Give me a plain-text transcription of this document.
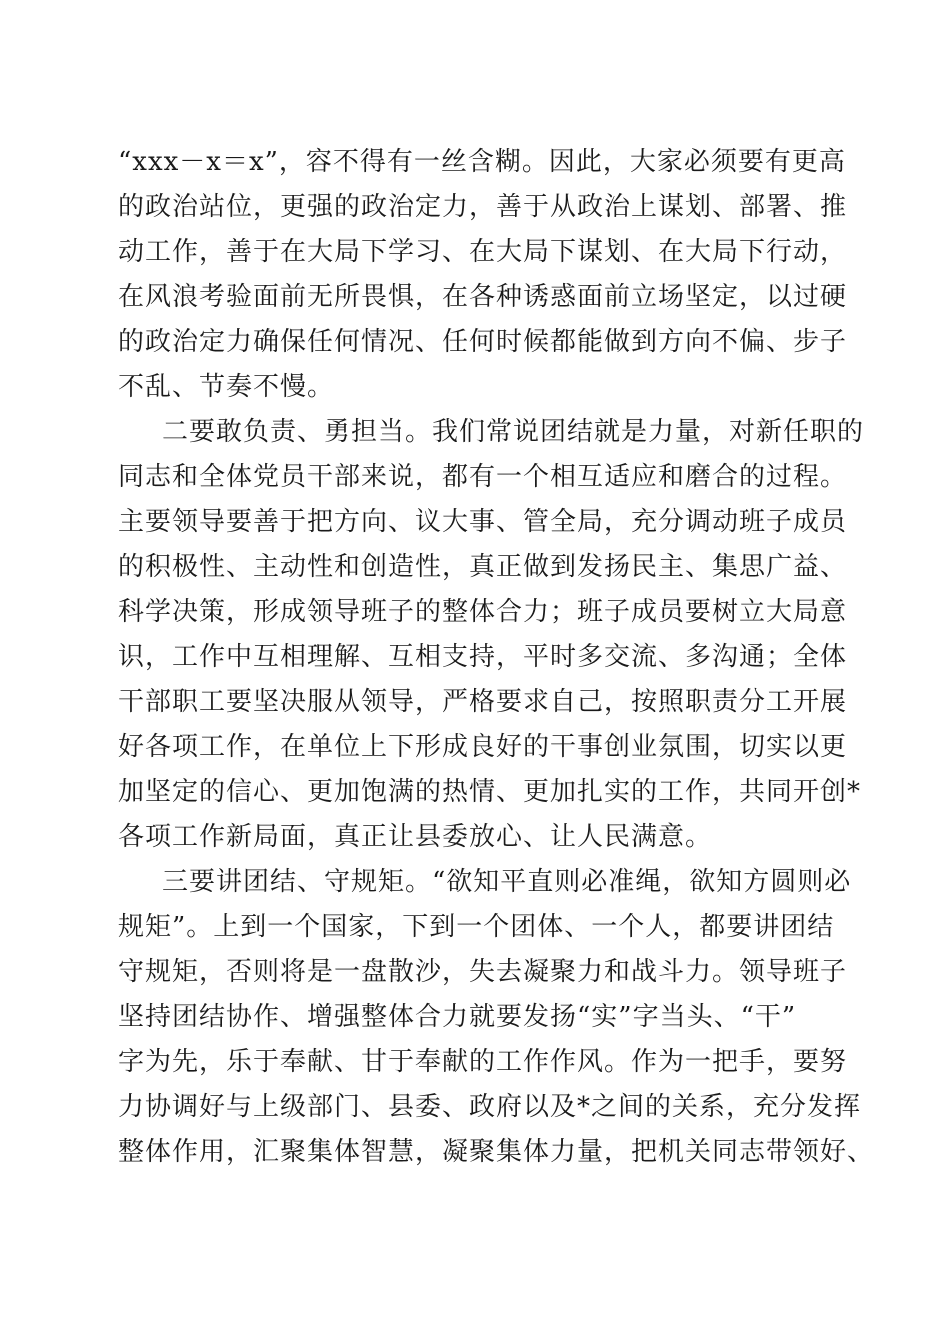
“xxx－x＝x”，容不得有一丝含糊。因此，大家必须要有更高
的政治站位，更强的政治定力，善于从政治上谋划、部署、推
动工作，善于在大局下学习、在大局下谋划、在大局下行动，
在风浪考验面前无所畏惧，在各种诱惑面前立场坚定，以过硬
的政治定力确保任何情况、任何时候都能做到方向不偏、步子
不乱、节奏不慢。
二要敢负责、勇担当。我们常说团结就是力量，对新任职的
同志和全体党员干部来说，都有一个相互适应和磨合的过程。
主要领导要善于把方向、议大事、管全局，充分调动班子成员
的积极性、主动性和创造性，真正做到发扬民主、集思广益、
科学决策，形成领导班子的整体合力；班子成员要树立大局意
识，工作中互相理解、互相支持，平时多交流、多沟通；全体
干部职工要坚决服从领导，严格要求自己，按照职责分工开展
好各项工作，在单位上下形成良好的干事创业氛围，切实以更
加坚定的信心、更加饱满的热情、更加扎实的工作，共同开创*
各项工作新局面，真正让县委放心、让人民满意。
三要讲团结、守规矩。“欲知平直则必准绳，欲知方圆则必
规矩”。上到一个国家，下到一个团体、一个人，都要讲团结
守规矩，否则将是一盘散沙，失去凝聚力和战斗力。领导班子
坚持团结协作、增强整体合力就要发扬“实”字当头、“干”
字为先，乐于奉献、甘于奉献的工作作风。作为一把手，要努
力协调好与上级部门、县委、政府以及*之间的关系，充分发挥
整体作用，汇聚集体智慧，凝聚集体力量，把机关同志带领好、
